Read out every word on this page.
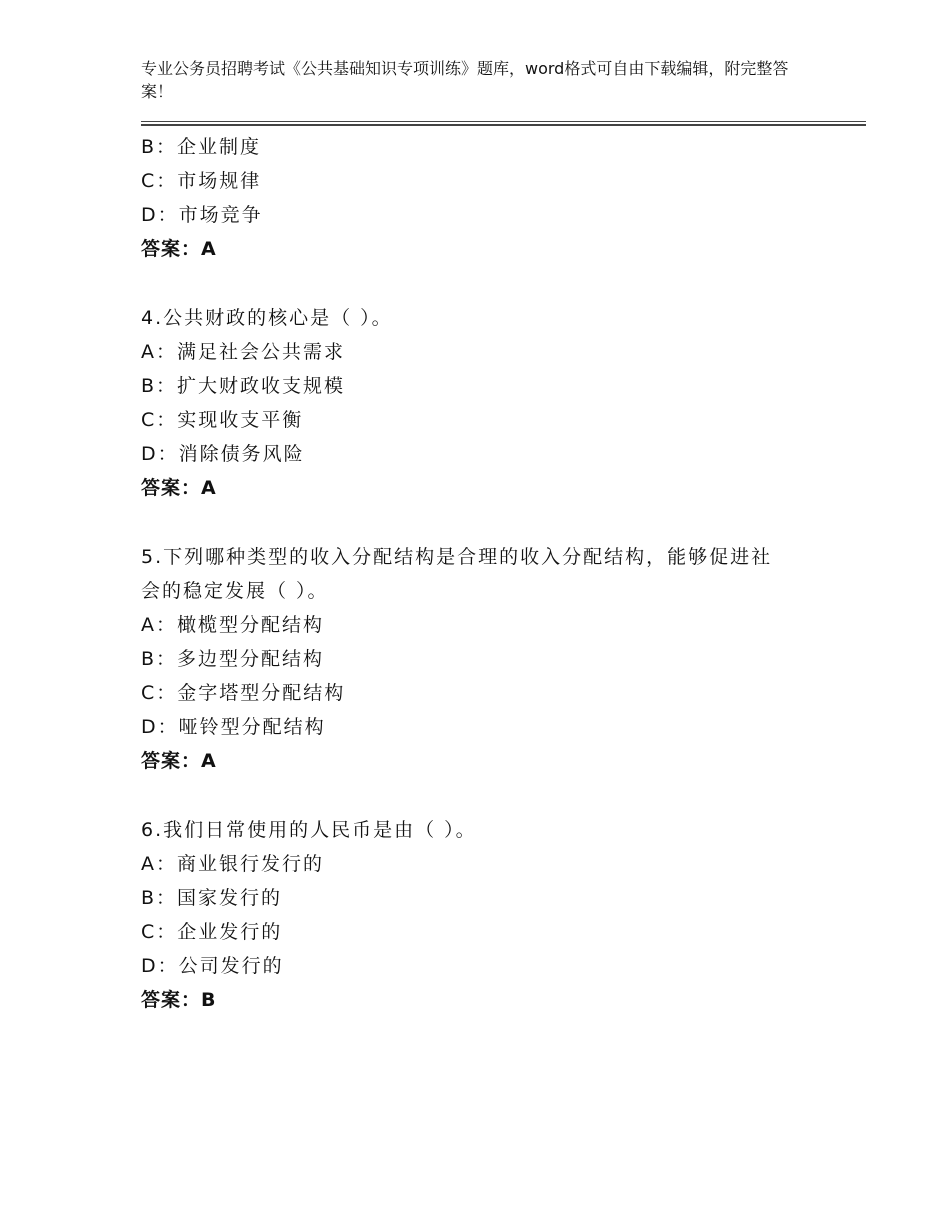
专业公务员招聘考试《公共基础知识专项训练》题库，word格式可自由下载编辑，附完整答案！
B：企业制度
C：市场规律
D：市场竞争
答案：A
4.公共财政的核心是（ ）。
A：满足社会公共需求
B：扩大财政收支规模
C：实现收支平衡
D：消除债务风险
答案：A
5.下列哪种类型的收入分配结构是合理的收入分配结构，能够促进社
会的稳定发展（ ）。
A：橄榄型分配结构
B：多边型分配结构
C：金字塔型分配结构
D：哑铃型分配结构
答案：A
6.我们日常使用的人民币是由（ ）。
A：商业银行发行的
B：国家发行的
C：企业发行的
D：公司发行的
答案：B
